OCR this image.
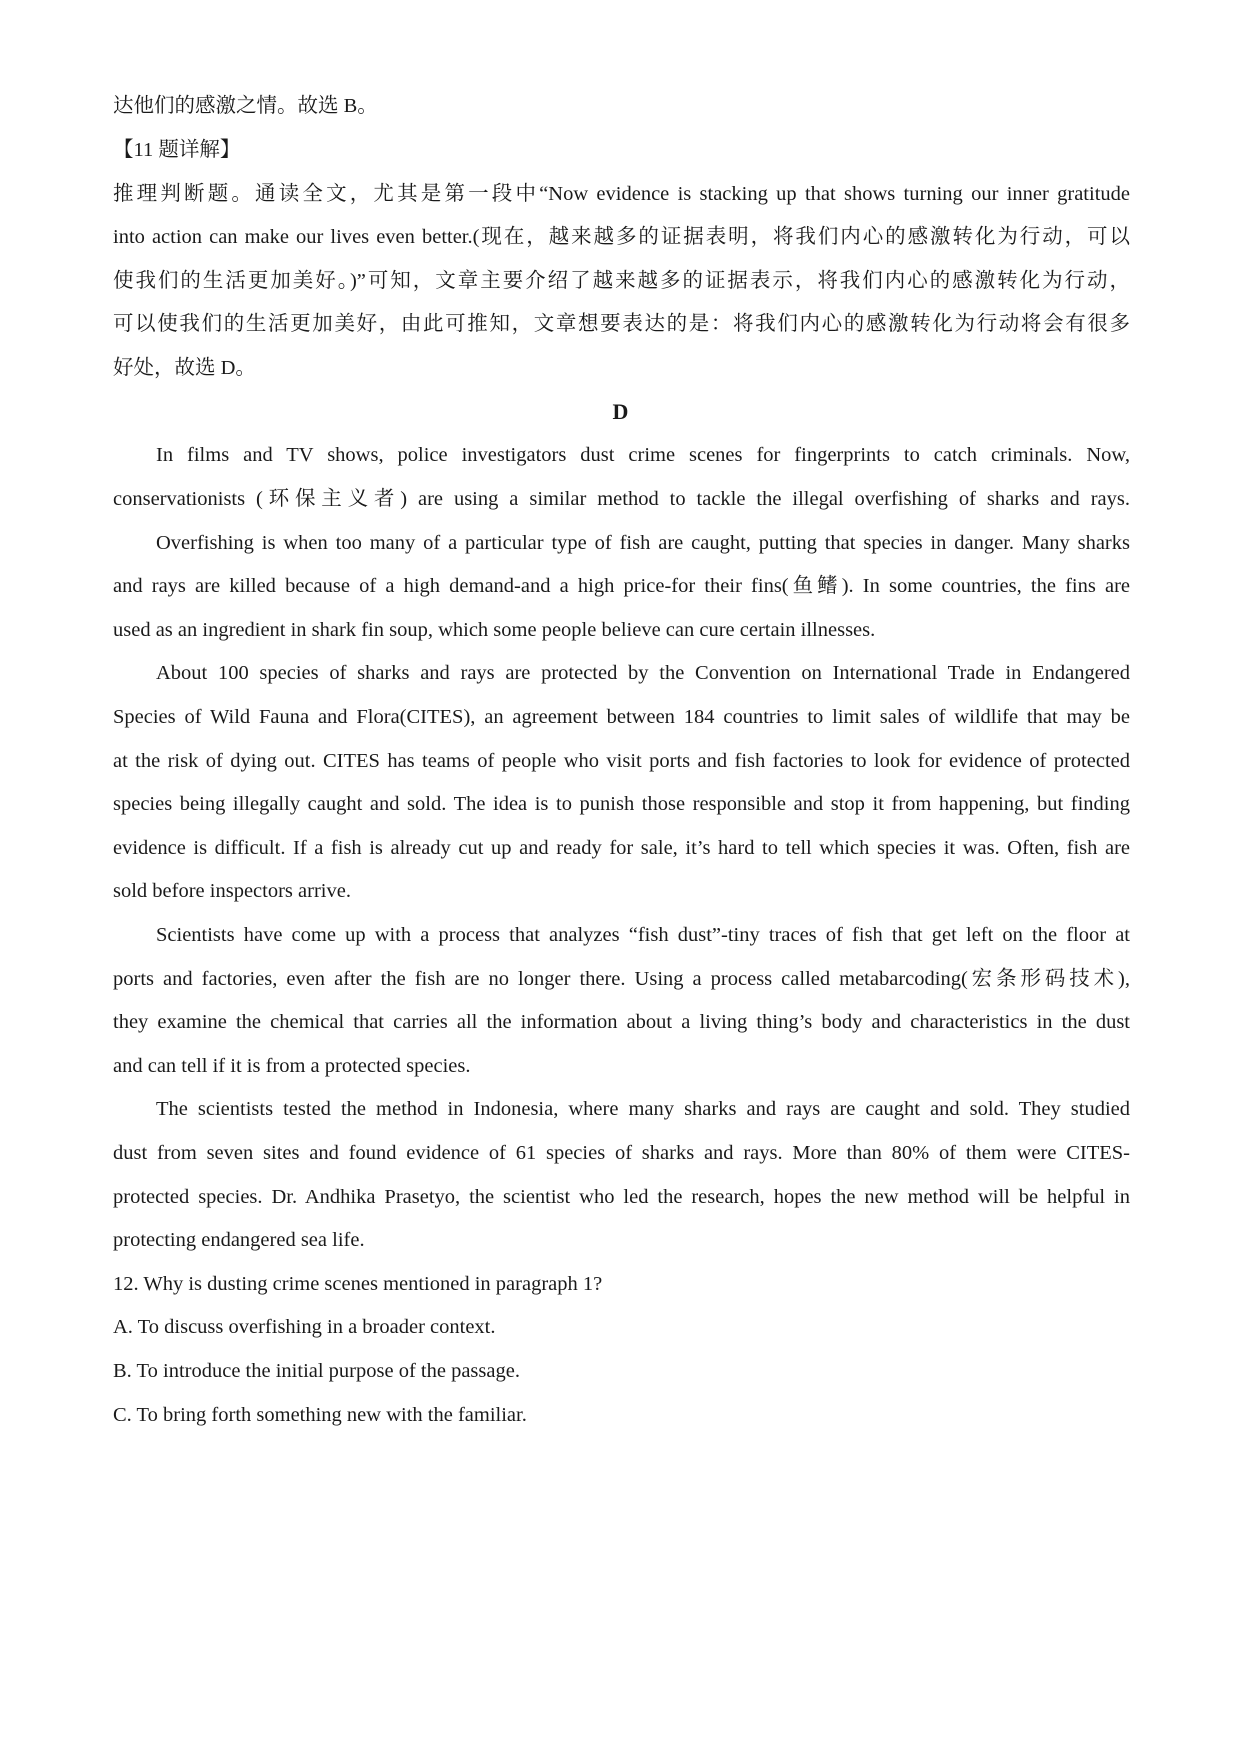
达他们的感激之情。故选 B。

【11 题详解】

推理判断题。通读全文，尤其是第一段中“Now evidence is stacking up that shows turning our inner gratitude

into action can make our lives even better.(现在，越来越多的证据表明，将我们内心的感激转化为行动，可以

使我们的生活更加美好。)”可知，文章主要介绍了越来越多的证据表示，将我们内心的感激转化为行动，

可以使我们的生活更加美好，由此可推知，文章想要表达的是：将我们内心的感激转化为行动将会有很多

好处，故选 D。

D

In films and TV shows, police investigators dust crime scenes for fingerprints to catch criminals. Now,

conservationists (环保主义者) are using a similar method to tackle the illegal overfishing of sharks and rays.

Overfishing is when too many of a particular type of fish are caught, putting that species in danger. Many sharks

and rays are killed because of a high demand-and a high price-for their fins(鱼鳍). In some countries, the fins are

used as an ingredient in shark fin soup, which some people believe can cure certain illnesses.

About 100 species of sharks and rays are protected by the Convention on International Trade in Endangered

Species of Wild Fauna and Flora(CITES), an agreement between 184 countries to limit sales of wildlife that may be

at the risk of dying out. CITES has teams of people who visit ports and fish factories to look for evidence of protected

species being illegally caught and sold. The idea is to punish those responsible and stop it from happening, but finding

evidence is difficult. If a fish is already cut up and ready for sale, it’s hard to tell which species it was. Often, fish are

sold before inspectors arrive.

Scientists have come up with a process that analyzes “fish dust”-tiny traces of fish that get left on the floor at

ports and factories, even after the fish are no longer there. Using a process called metabarcoding(宏条形码技术),

they examine the chemical that carries all the information about a living thing’s body and characteristics in the dust

and can tell if it is from a protected species.

The scientists tested the method in Indonesia, where many sharks and rays are caught and sold. They studied

dust from seven sites and found evidence of 61 species of sharks and rays. More than 80% of them were CITES-

protected species. Dr. Andhika Prasetyo, the scientist who led the research, hopes the new method will be helpful in

protecting endangered sea life.

12. Why is dusting crime scenes mentioned in paragraph 1?

A. To discuss overfishing in a broader context.

B. To introduce the initial purpose of the passage.

C. To bring forth something new with the familiar.
